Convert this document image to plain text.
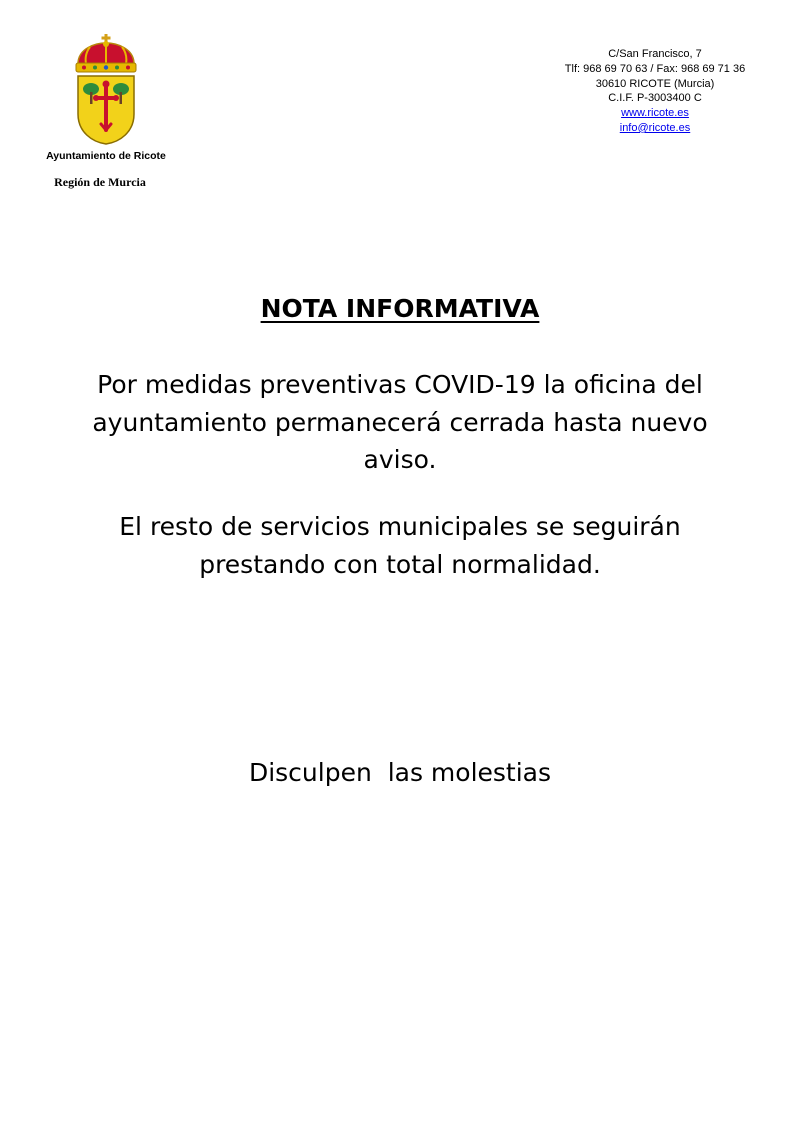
Ayuntamiento de Ricote
Región de Murcia
C/San Francisco, 7
Tlf: 968 69 70 63 / Fax: 968 69 71 36
30610 RICOTE (Murcia)
C.I.F. P-3003400 C
www.ricote.es
info@ricote.es
NOTA INFORMATIVA
Por medidas preventivas COVID-19 la oficina del
ayuntamiento permanecerá cerrada hasta nuevo
aviso.
El resto de servicios municipales se seguirán
prestando con total normalidad.
Disculpen  las molestias
